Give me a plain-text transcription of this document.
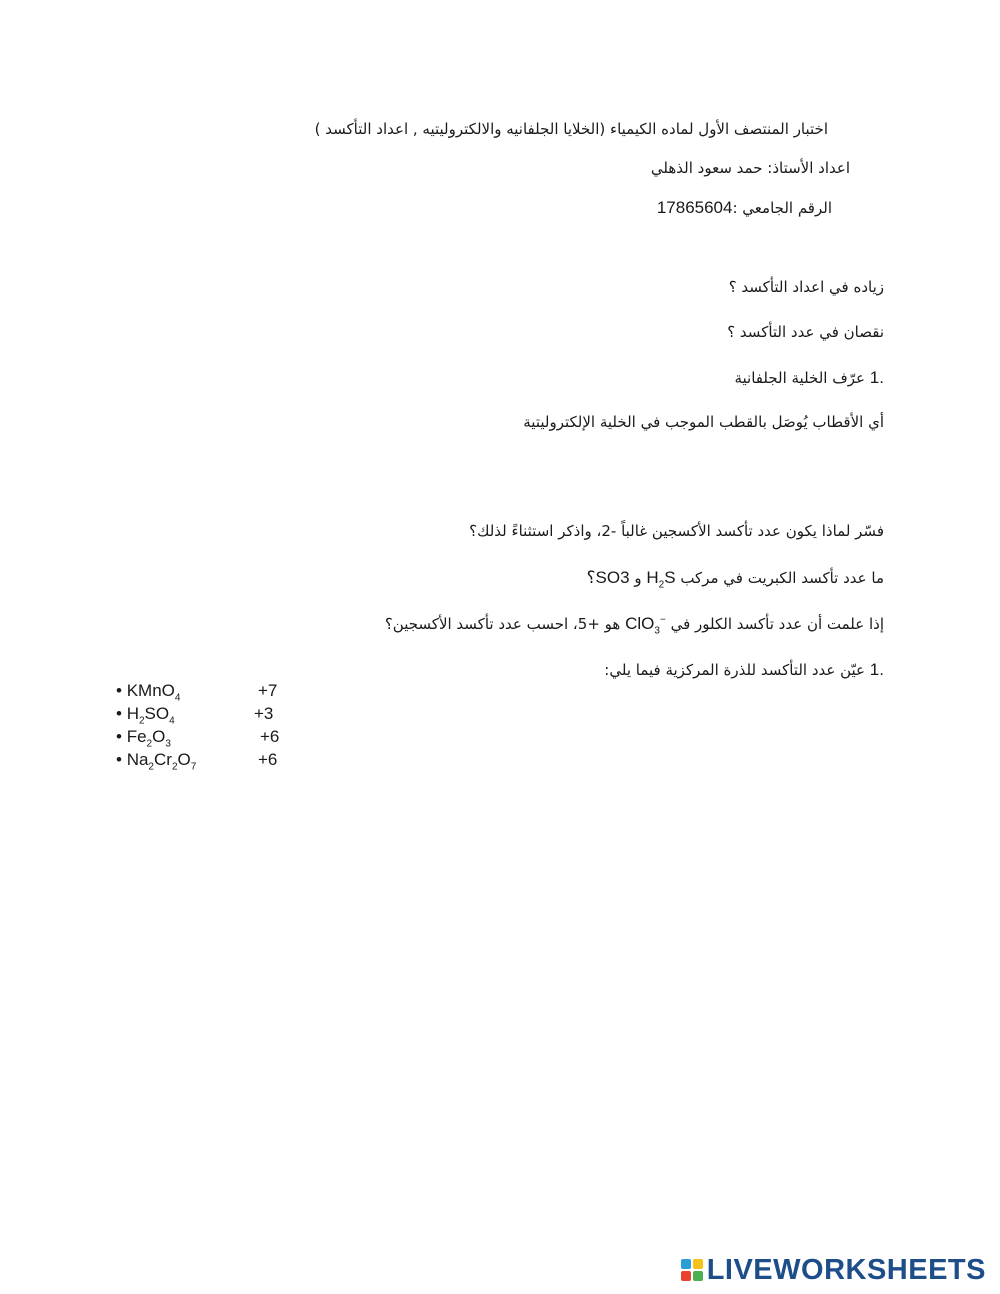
اختبار المنتصف الأول لماده الكيمياء (الخلايا الجلفانيه والالكتروليتيه , اعداد التأكسد )
اعداد الأستاذ: حمد سعود الذهلي
الرقم الجامعي :17865604
زياده في اعداد التأكسد ؟
نقصان في عدد التأكسد ؟
.1 عرّف الخلية الجلفانية
أي الأقطاب يُوصَل بالقطب الموجب في الخلية الإلكتروليتية
فسّر لماذا يكون عدد تأكسد الأكسجين غالباً -2، واذكر استثناءً لذلك؟
ما عدد تأكسد الكبريت في مركب $H_2S$ و SO3؟
إذا علمت أن عدد تأكسد الكلور في ClO$_3$− هو +5، احسب عدد تأكسد الأكسجين؟
.1 عيّن عدد التأكسد للذرة المركزية فيما يلي:
• KMnO$_4$	+7
• $H_2SO_4$	+3
• $Fe_2O_3$	+6
• $Na_2Cr_2O_7$	+6
LIVEWORKSHEETS
